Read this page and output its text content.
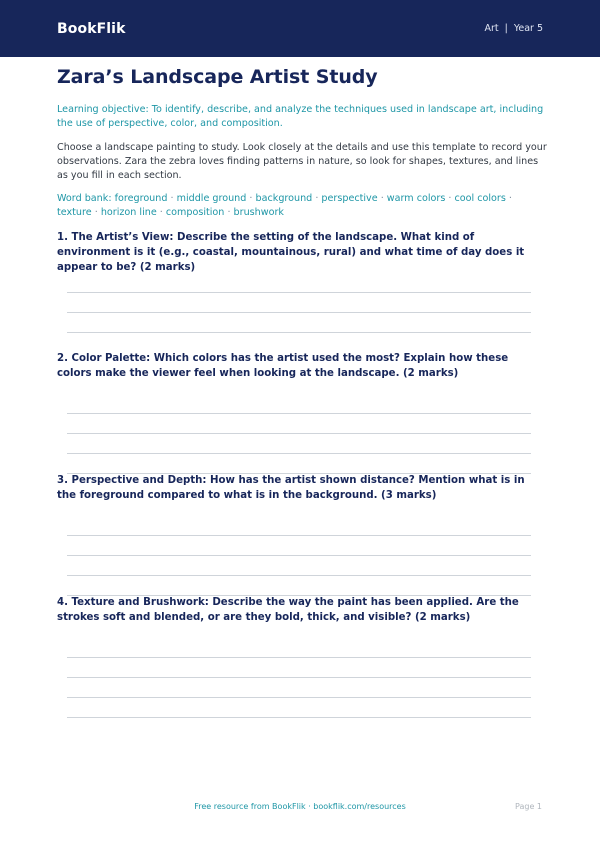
BookFlik	Art | Year 5
Zara’s Landscape Artist Study
Learning objective: To identify, describe, and analyze the techniques used in landscape art, including the use of perspective, color, and composition.
Choose a landscape painting to study. Look closely at the details and use this template to record your observations. Zara the zebra loves finding patterns in nature, so look for shapes, textures, and lines as you fill in each section.
Word bank: foreground · middle ground · background · perspective · warm colors · cool colors · texture · horizon line · composition · brushwork
1. The Artist’s View: Describe the setting of the landscape. What kind of environment is it (e.g., coastal, mountainous, rural) and what time of day does it appear to be? (2 marks)
2. Color Palette: Which colors has the artist used the most? Explain how these colors make the viewer feel when looking at the landscape. (2 marks)
3. Perspective and Depth: How has the artist shown distance? Mention what is in the foreground compared to what is in the background. (3 marks)
4. Texture and Brushwork: Describe the way the paint has been applied. Are the strokes soft and blended, or are they bold, thick, and visible? (2 marks)
Free resource from BookFlik · bookflik.com/resources	Page 1
